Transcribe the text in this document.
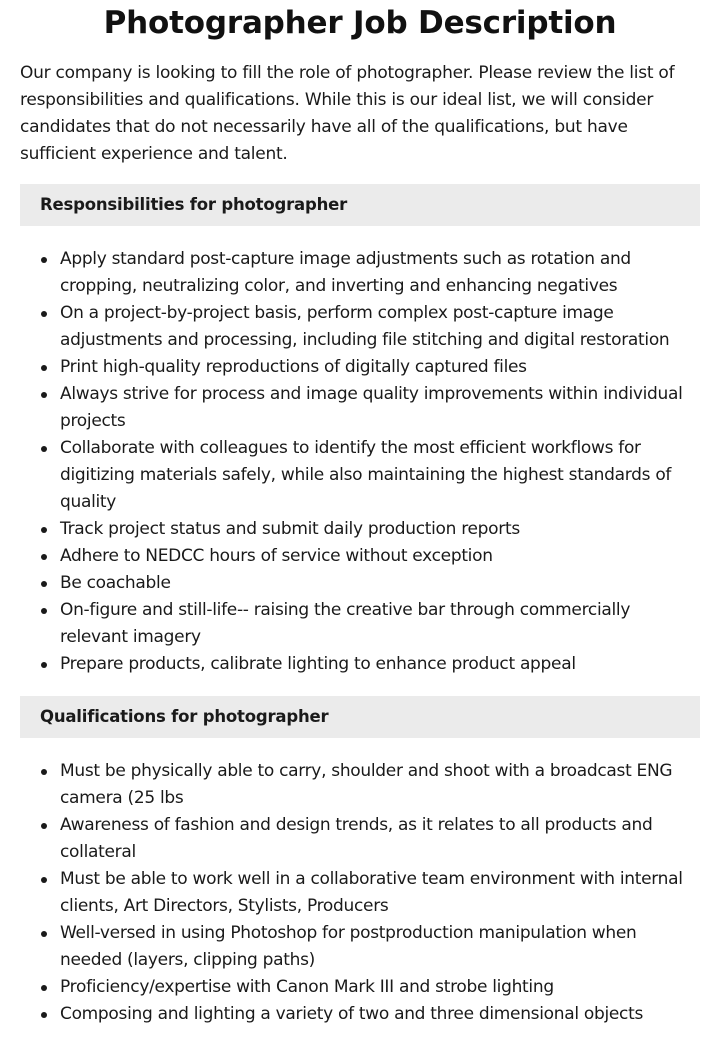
Photographer Job Description

Our company is looking to fill the role of photographer. Please review the list of responsibilities and qualifications. While this is our ideal list, we will consider candidates that do not necessarily have all of the qualifications, but have sufficient experience and talent.

Responsibilities for photographer
Apply standard post-capture image adjustments such as rotation and cropping, neutralizing color, and inverting and enhancing negatives
On a project-by-project basis, perform complex post-capture image adjustments and processing, including file stitching and digital restoration
Print high-quality reproductions of digitally captured files
Always strive for process and image quality improvements within individual projects
Collaborate with colleagues to identify the most efficient workflows for digitizing materials safely, while also maintaining the highest standards of quality
Track project status and submit daily production reports
Adhere to NEDCC hours of service without exception
Be coachable
On-figure and still-life-- raising the creative bar through commercially relevant imagery
Prepare products, calibrate lighting to enhance product appeal
Qualifications for photographer
Must be physically able to carry, shoulder and shoot with a broadcast ENG camera (25 lbs
Awareness of fashion and design trends, as it relates to all products and collateral
Must be able to work well in a collaborative team environment with internal clients, Art Directors, Stylists, Producers
Well-versed in using Photoshop for postproduction manipulation when needed (layers, clipping paths)
Proficiency/expertise with Canon Mark III and strobe lighting
Composing and lighting a variety of two and three dimensional objects
